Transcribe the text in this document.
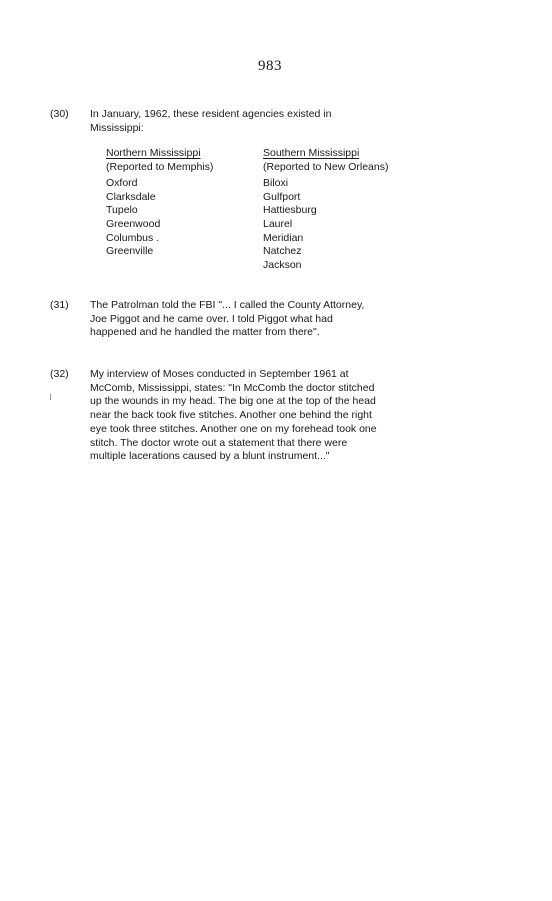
983
(30) In January, 1962, these resident agencies existed in

Mississippi:

Northern Mississippi
(Reported to Memphis)
Oxford
Clarksdale
Tupelo
Greenwood
Columbus .
Greenville
Southern Mississippi
(Reported to New Orleans)
Biloxi
Gulfport
Hattiesburg
Laurel
Meridian
Natchez
Jackson
(31) The Patrolman told the FBI "... I called the County Attorney,

Joe Piggot and he came over. I told Piggot what had

happened and he handled the matter from there".

(32) My interview of Moses conducted in September 1961 at

McComb, Mississippi, states: "In McComb the doctor stitched

up the wounds in my head. The big one at the top of the head

near the back took five stitches. Another one behind the right

eye took three stitches. Another one on my forehead took one

stitch. The doctor wrote out a statement that there were

multiple lacerations caused by a blunt instrument..."
